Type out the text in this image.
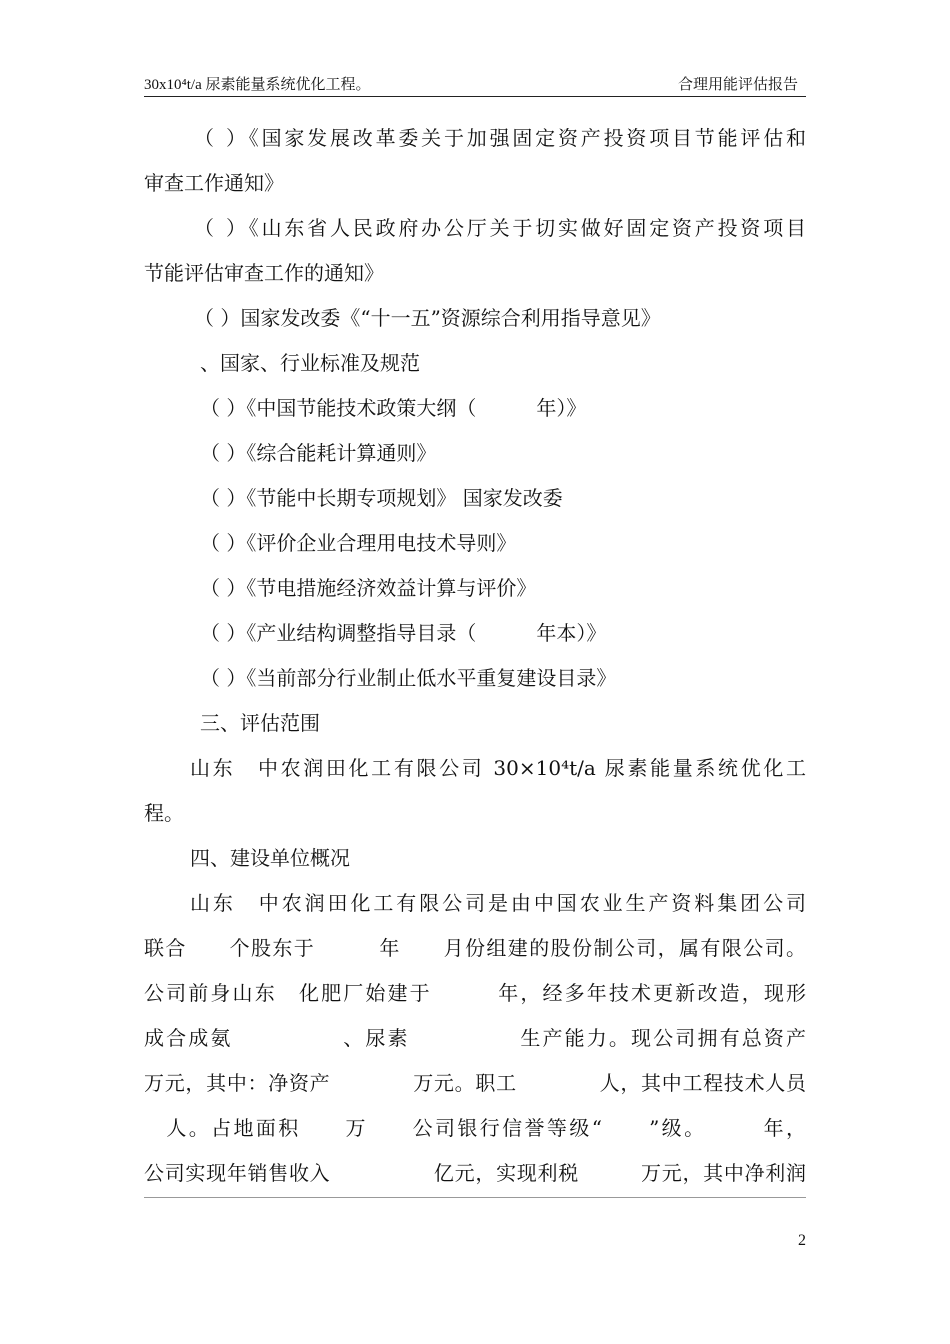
30x10⁴t/a 尿素能量系统优化工程。	合理用能评估报告
（ ）《国家发展改革委关于加强固定资产投资项目节能评估和
审查工作通知》
（ ）《山东省人民政府办公厅关于切实做好固定资产投资项目
节能评估审查工作的通知》
（ ）国家发改委《“十一五”资源综合利用指导意见》
、国家、行业标准及规范
（ ）《中国节能技术政策大纲（　　　年）》
（ ）《综合能耗计算通则》
（ ）《节能中长期专项规划》 国家发改委
（ ）《评价企业合理用电技术导则》
（ ）《节电措施经济效益计算与评价》
（ ）《产业结构调整指导目录（　　　年本）》
（ ）《当前部分行业制止低水平重复建设目录》
三、评估范围
山东　中农润田化工有限公司 30×10⁴t/a 尿素能量系统优化工
程。
四、建设单位概况
山东　中农润田化工有限公司是由中国农业生产资料集团公司
联合　　个股东于　　　年　　月份组建的股份制公司，属有限公司。
公司前身山东　化肥厂始建于　　　年，经多年技术更新改造，现形
成合成氨　　　　　、尿素　　　　　生产能力。现公司拥有总资产
万元，其中：净资产　　　　万元。职工　　　　人，其中工程技术人员
　人。占地面积　　万　　公司银行信誉等级“　　”级。　　　年，
公司实现年销售收入　　　　　亿元，实现利税　　　万元，其中净利润
2
